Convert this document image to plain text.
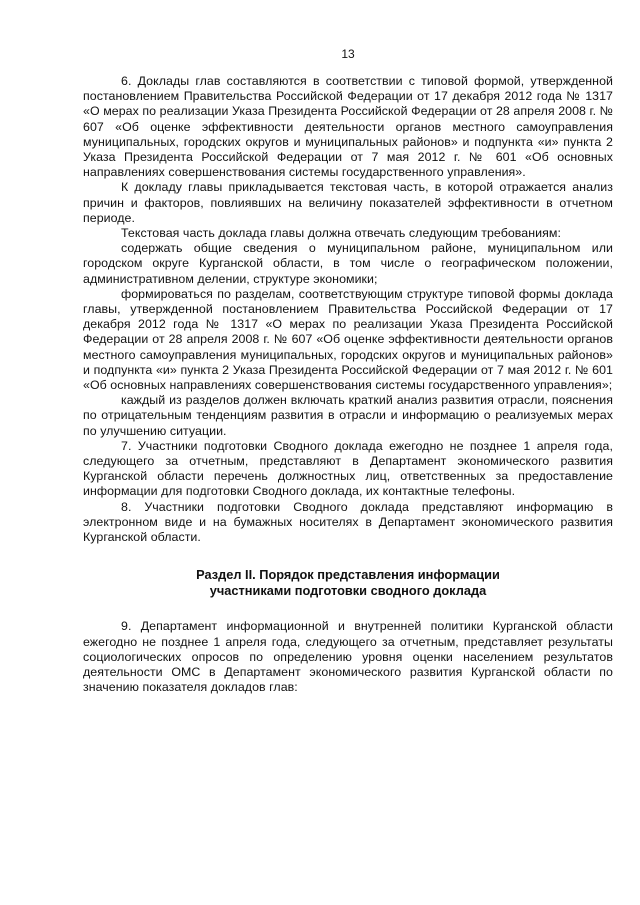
13

6. Доклады глав составляются в соответствии с типовой формой, утвержденной постановлением Правительства Российской Федерации от 17 декабря 2012 года № 1317 «О мерах по реализации Указа Президента Российской Федерации от 28 апреля 2008 г. № 607 «Об оценке эффективности деятельности органов местного самоуправления муниципальных, городских округов и муниципальных районов» и подпункта «и» пункта 2 Указа Президента Российской Федерации от 7 мая 2012 г. № 601 «Об основных направлениях совершенствования системы государственного управления».

К докладу главы прикладывается текстовая часть, в которой отражается анализ причин и факторов, повлиявших на величину показателей эффективности в отчетном периоде.

Текстовая часть доклада главы должна отвечать следующим требованиям:

содержать общие сведения о муниципальном районе, муниципальном или городском округе Курганской области, в том числе о географическом положении, административном делении, структуре экономики;

формироваться по разделам, соответствующим структуре типовой формы доклада главы, утвержденной постановлением Правительства Российской Федерации от 17 декабря 2012 года № 1317 «О мерах по реализации Указа Президента Российской Федерации от 28 апреля 2008 г. № 607 «Об оценке эффективности деятельности органов местного самоуправления муниципальных, городских округов и муниципальных районов» и подпункта «и» пункта 2 Указа Президента Российской Федерации от 7 мая 2012 г. № 601 «Об основных направлениях совершенствования системы государственного управления»;

каждый из разделов должен включать краткий анализ развития отрасли, пояснения по отрицательным тенденциям развития в отрасли и информацию о реализуемых мерах по улучшению ситуации.

7. Участники подготовки Сводного доклада ежегодно не позднее 1 апреля года, следующего за отчетным, представляют в Департамент экономического развития Курганской области перечень должностных лиц, ответственных за предоставление информации для подготовки Сводного доклада, их контактные телефоны.

8. Участники подготовки Сводного доклада представляют информацию в электронном виде и на бумажных носителях в Департамент экономического развития Курганской области.

Раздел II. Порядок представления информации
участниками подготовки сводного доклада

9. Департамент информационной и внутренней политики Курганской области ежегодно не позднее 1 апреля года, следующего за отчетным, представляет результаты социологических опросов по определению уровня оценки населением результатов деятельности ОМС в Департамент экономического развития Курганской области по значению показателя докладов глав:
